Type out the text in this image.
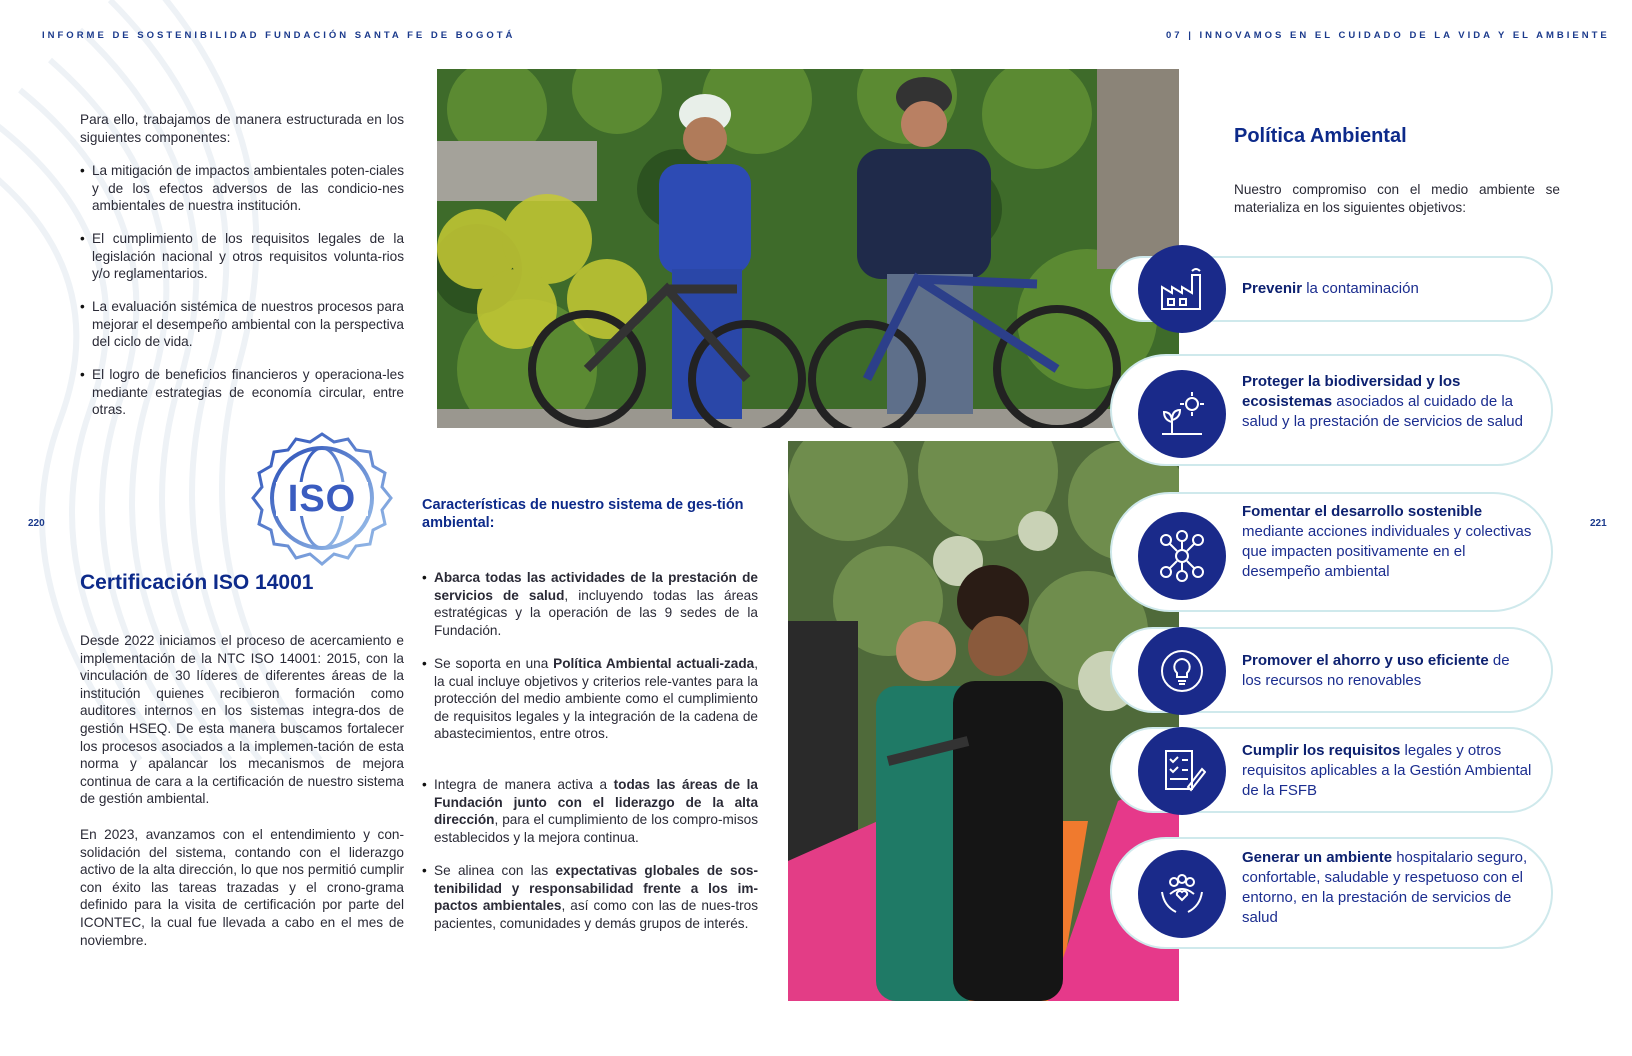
INFORME DE SOSTENIBILIDAD FUNDACIÓN SANTA FE DE BOGOTÁ	07 | INNOVAMOS EN EL CUIDADO DE LA VIDA Y EL AMBIENTE
220	221
Para ello, trabajamos de manera estructurada en los siguientes componentes:
• La mitigación de impactos ambientales poten-ciales y de los efectos adversos de las condicio-nes ambientales de nuestra institución.
• El cumplimiento de los requisitos legales de la legislación nacional y otros requisitos volunta-rios y/o reglamentarios.
• La evaluación sistémica de nuestros procesos para mejorar el desempeño ambiental con la perspectiva del ciclo de vida.
• El logro de beneficios financieros y operaciona-les mediante estrategias de economía circular, entre otras.
ISO
Certificación ISO 14001
Desde 2022 iniciamos el proceso de acercamiento e implementación de la NTC ISO 14001: 2015, con la vinculación de 30 líderes de diferentes áreas de la institución quienes recibieron formación como auditores internos en los sistemas integra-dos de gestión HSEQ. De esta manera buscamos fortalecer los procesos asociados a la implemen-tación de esta norma y apalancar los mecanismos de mejora continua de cara a la certificación de nuestro sistema de gestión ambiental.
En 2023, avanzamos con el entendimiento y con-solidación del sistema, contando con el liderazgo activo de la alta dirección, lo que nos permitió cumplir con éxito las tareas trazadas y el crono-grama definido para la visita de certificación por parte del ICONTEC, la cual fue llevada a cabo en el mes de noviembre.
Características de nuestro sistema de ges-tión ambiental:
• Abarca todas las actividades de la prestación de servicios de salud, incluyendo todas las áreas estratégicas y la operación de las 9 sedes de la Fundación.
• Se soporta en una Política Ambiental actuali-zada, la cual incluye objetivos y criterios rele-vantes para la protección del medio ambiente como el cumplimiento de requisitos legales y la integración de la cadena de abastecimientos, entre otros.
• Integra de manera activa a todas las áreas de la Fundación junto con el liderazgo de la alta dirección, para el cumplimiento de los compro-misos establecidos y la mejora continua.
• Se alinea con las expectativas globales de sos-tenibilidad y responsabilidad frente a los im-pactos ambientales, así como con las de nues-tros pacientes, comunidades y demás grupos de interés.
Política Ambiental
Nuestro compromiso con el medio ambiente se materializa en los siguientes objetivos:
Prevenir la contaminación
Proteger la biodiversidad y los ecosistemas asociados al cuidado de la salud y la prestación de servicios de salud
Fomentar el desarrollo sostenible mediante acciones individuales y colectivas que impacten positivamente en el desempeño ambiental
Promover el ahorro y uso eficiente de los recursos no renovables
Cumplir los requisitos legales y otros requisitos aplicables a la Gestión Ambiental de la FSFB
Generar un ambiente hospitalario seguro, confortable, saludable y respetuoso con el entorno, en la prestación de servicios de salud
